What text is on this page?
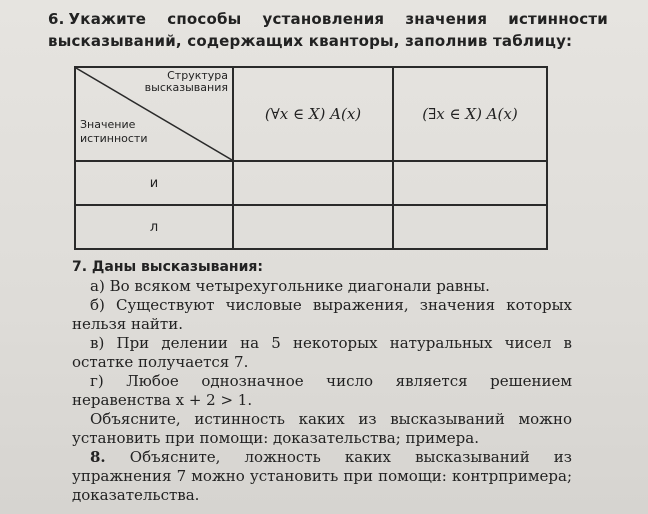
6. Укажите способы установления значения истинности высказываний, содержащих кванторы, заполнив таблицу:
Структура высказывания
Значение истинности	(∀x ∈ X) A(x)	(∃x ∈ X) A(x)
и		
л		

7. Даны высказывания:

а) Во всяком четырехугольнике диагонали равны.

б) Существуют числовые выражения, значения которых нельзя найти.

в) При делении на 5 некоторых натуральных чисел в остатке получается 7.

г) Любое однозначное число является решением неравенства x + 2 > 1.

Объясните, истинность каких из высказываний можно установить при помощи: доказательства; примера.

8. Объясните, ложность каких высказываний из упражнения 7 можно установить при помощи: контрпримера; доказательства.
